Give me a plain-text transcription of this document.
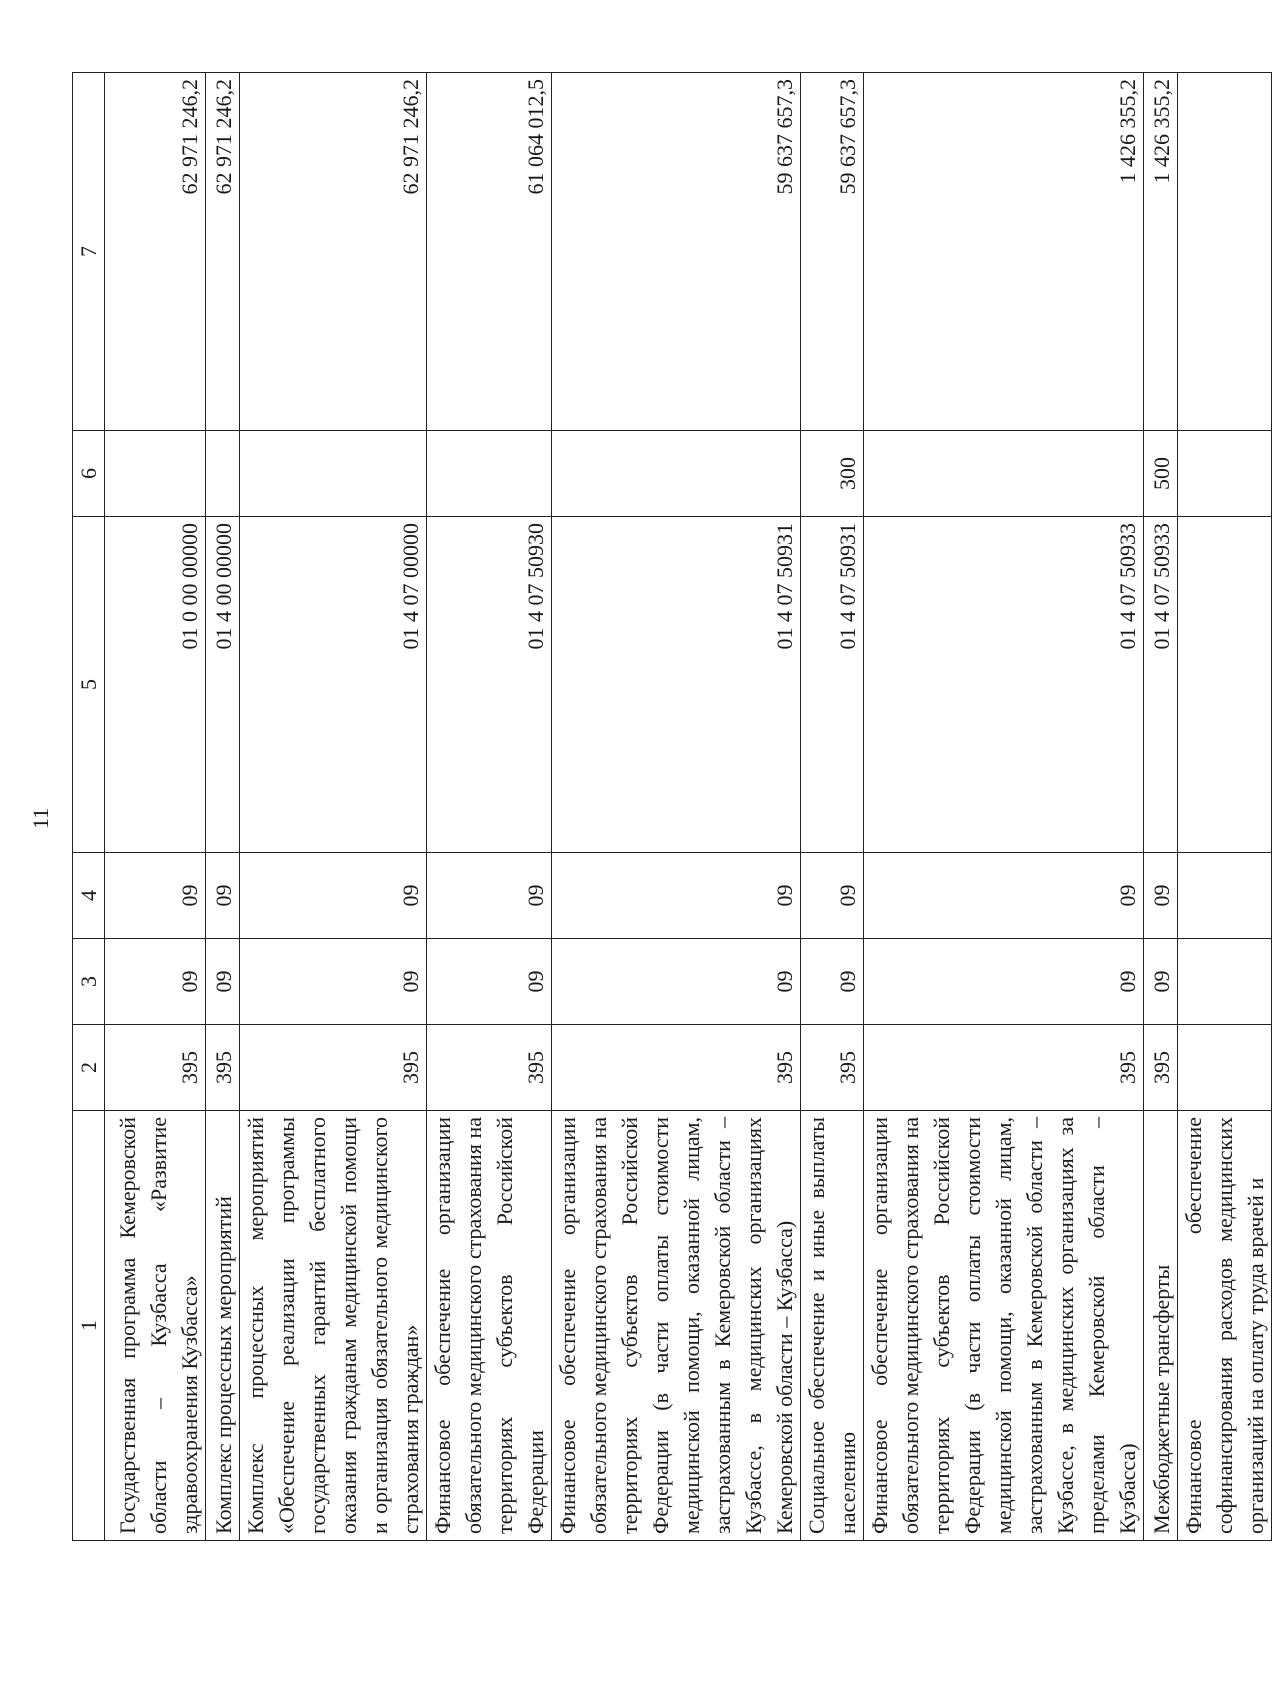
11
1	2	3	4	5	6	7
Государственная программа Кемеровской области – Кузбасса «Развитие здравоохранения Кузбасса»	395	09	09	01 0 00 00000		62 971 246,2
Комплекс процессных мероприятий	395	09	09	01 4 00 00000		62 971 246,2
Комплекс процессных мероприятий «Обеспечение реализации программы государственных гарантий бесплатного оказания гражданам медицинской помощи и организация обязательного медицинского страхования граждан»	395	09	09	01 4 07 00000		62 971 246,2
Финансовое обеспечение организации обязательного медицинского страхования на территориях субъектов Российской Федерации	395	09	09	01 4 07 50930		61 064 012,5
Финансовое обеспечение организации обязательного медицинского страхования на территориях субъектов Российской Федерации (в части оплаты стоимости медицинской помощи, оказанной лицам, застрахованным в Кемеровской области – Кузбассе, в медицинских организациях Кемеровской области – Кузбасса)	395	09	09	01 4 07 50931		59 637 657,3
Социальное обеспечение и иные выплаты населению	395	09	09	01 4 07 50931	300	59 637 657,3
Финансовое обеспечение организации обязательного медицинского страхования на территориях субъектов Российской Федерации (в части оплаты стоимости медицинской помощи, оказанной лицам, застрахованным в Кемеровской области – Кузбассе, в медицинских организациях за пределами Кемеровской области – Кузбасса)	395	09	09	01 4 07 50933		1 426 355,2
Межбюджетные трансферты	395	09	09	01 4 07 50933	500	1 426 355,2
Финансовое обеспечение софинансирования расходов медицинских организаций на оплату труда врачей и						
